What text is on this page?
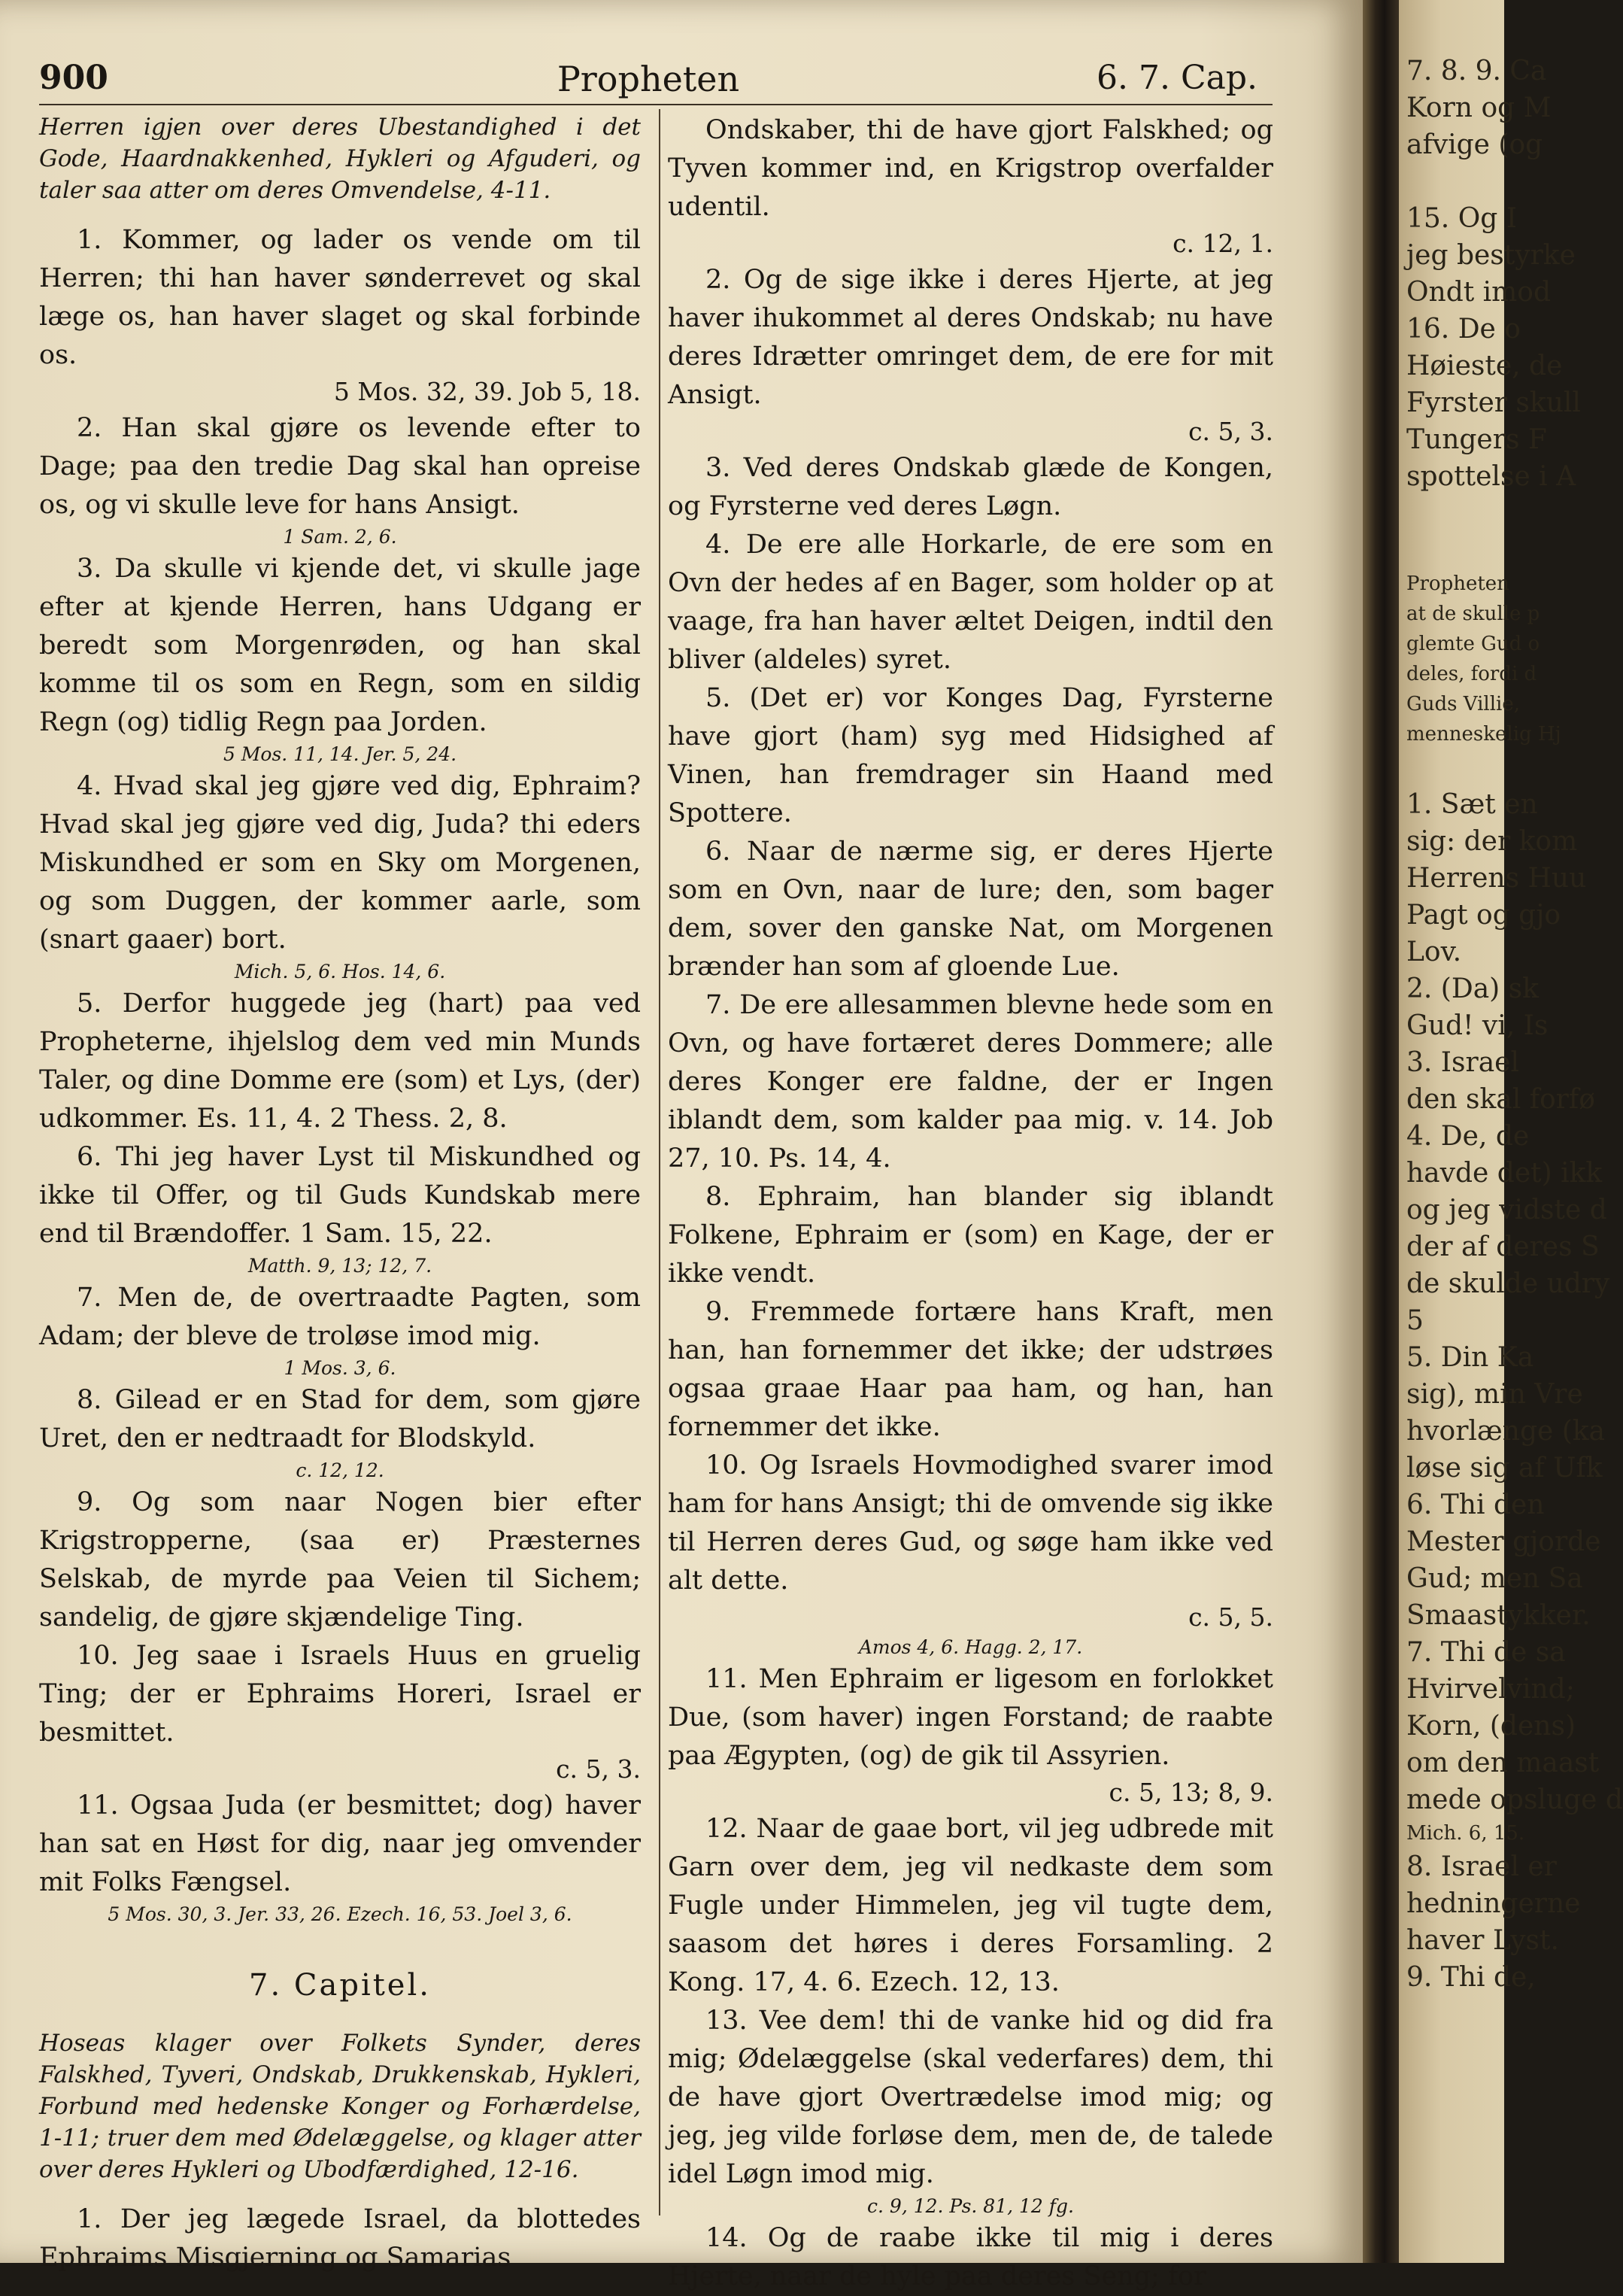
900	Propheten	6. 7. Cap.

Herren igjen over deres Ubestandighed i det Gode, Haardnakkenhed, Hykleri og Afguderi, og taler saa atter om deres Omvendelse, 4-11.

1. Kommer, og lader os vende om til Herren; thi han haver sønderrevet og skal læge os, han haver slaget og skal forbinde os.

5 Mos. 32, 39. Job 5, 18.

2. Han skal gjøre os levende efter to Dage; paa den tredie Dag skal han opreise os, og vi skulle leve for hans Ansigt.

1 Sam. 2, 6.

3. Da skulle vi kjende det, vi skulle jage efter at kjende Herren, hans Udgang er beredt som Morgenrøden, og han skal komme til os som en Regn, som en sildig Regn (og) tidlig Regn paa Jorden.

5 Mos. 11, 14. Jer. 5, 24.

4. Hvad skal jeg gjøre ved dig, Ephraim? Hvad skal jeg gjøre ved dig, Juda? thi eders Miskundhed er som en Sky om Morgenen, og som Duggen, der kommer aarle, som (snart gaaer) bort.

Mich. 5, 6. Hos. 14, 6.

5. Derfor huggede jeg (hart) paa ved Propheterne, ihjelslog dem ved min Munds Taler, og dine Domme ere (som) et Lys, (der) udkommer. Es. 11, 4. 2 Thess. 2, 8.

6. Thi jeg haver Lyst til Miskundhed og ikke til Offer, og til Guds Kundskab mere end til Brændoffer. 1 Sam. 15, 22.

Matth. 9, 13; 12, 7.

7. Men de, de overtraadte Pagten, som Adam; der bleve de troløse imod mig.

1 Mos. 3, 6.

8. Gilead er en Stad for dem, som gjøre Uret, den er nedtraadt for Blodskyld.

c. 12, 12.

9. Og som naar Nogen bier efter Krigstropperne, (saa er) Præsternes Selskab, de myrde paa Veien til Sichem; sandelig, de gjøre skjændelige Ting.

10. Jeg saae i Israels Huus en gruelig Ting; der er Ephraims Horeri, Israel er besmittet.

c. 5, 3.

11. Ogsaa Juda (er besmittet; dog) haver han sat en Høst for dig, naar jeg omvender mit Folks Fængsel.

5 Mos. 30, 3. Jer. 33, 26. Ezech. 16, 53. Joel 3, 6.
7. Capitel.

Hoseas klager over Folkets Synder, deres Falskhed, Tyveri, Ondskab, Drukkenskab, Hykleri, Forbund med hedenske Konger og Forhærdelse, 1-11; truer dem med Ødelæggelse, og klager atter over deres Hykleri og Ubodfærdighed, 12-16.

1. Der jeg lægede Israel, da blottedes Ephraims Misgjerning og Samarias

Ondskaber, thi de have gjort Falskhed; og Tyven kommer ind, en Krigstrop overfalder udentil.

c. 12, 1.

2. Og de sige ikke i deres Hjerte, at jeg haver ihukommet al deres Ondskab; nu have deres Idrætter omringet dem, de ere for mit Ansigt.

c. 5, 3.

3. Ved deres Ondskab glæde de Kongen, og Fyrsterne ved deres Løgn.

4. De ere alle Horkarle, de ere som en Ovn der hedes af en Bager, som holder op at vaage, fra han haver æltet Deigen, indtil den bliver (aldeles) syret.

5. (Det er) vor Konges Dag, Fyrsterne have gjort (ham) syg med Hidsighed af Vinen, han fremdrager sin Haand med Spottere.

6. Naar de nærme sig, er deres Hjerte som en Ovn, naar de lure; den, som bager dem, sover den ganske Nat, om Morgenen brænder han som af gloende Lue.

7. De ere allesammen blevne hede som en Ovn, og have fortæret deres Dommere; alle deres Konger ere faldne, der er Ingen iblandt dem, som kalder paa mig. v. 14. Job 27, 10. Ps. 14, 4.

8. Ephraim, han blander sig iblandt Folkene, Ephraim er (som) en Kage, der er ikke vendt.

9. Fremmede fortære hans Kraft, men han, han fornemmer det ikke; der udstrøes ogsaa graae Haar paa ham, og han, han fornemmer det ikke.

10. Og Israels Hovmodighed svarer imod ham for hans Ansigt; thi de omvende sig ikke til Herren deres Gud, og søge ham ikke ved alt dette.

c. 5, 5.
Amos 4, 6. Hagg. 2, 17.

11. Men Ephraim er ligesom en forlokket Due, (som haver) ingen Forstand; de raabte paa Ægypten, (og) de gik til Assyrien.

c. 5, 13; 8, 9.

12. Naar de gaae bort, vil jeg udbrede mit Garn over dem, jeg vil nedkaste dem som Fugle under Himmelen, jeg vil tugte dem, saasom det høres i deres Forsamling. 2 Kong. 17, 4. 6. Ezech. 12, 13.

13. Vee dem! thi de vanke hid og did fra mig; Ødelæggelse (skal vederfares) dem, thi de have gjort Overtrædelse imod mig; og jeg, jeg vilde forløse dem, men de, de talede idel Løgn imod mig.

c. 9, 12. Ps. 81, 12 fg.

14. Og de raabe ikke til mig i deres Hjerte, naar de hyle paa deres Seng; for

7. 8. 9. Ca
Korn og M
afvige (og

15. Og I
jeg bestyrke
Ondt imod
16. De o
Høieste, de
Fyrster skull
Tungers F
spottelse i A

Propheten
at de skulle p
glemte Gud o
deles, fordi d
Guds Villie,
menneskelig Hj

1. Sæt en
sig: der kom
Herrens Huu
Pagt og gjo
Lov.
2. (Da) sk
Gud! vi, Is
3. Israel
den skal forfø
4. De, de
havde det) ikk
og jeg vidste d
der af deres S
de skulde udry
5
5. Din Ka
sig), min Vre
hvorlænge (ka
løse sig af Ufk
6. Thi den
Mester gjorde
Gud; men Sa
Smaastykker.
7. Thi de sa
Hvirvelvind;
Korn, (dens)
om den maast
mede opsluge d
Mich. 6, 15.
8. Israel er
hedningerne
haver Lyst.
9. Thi de,
